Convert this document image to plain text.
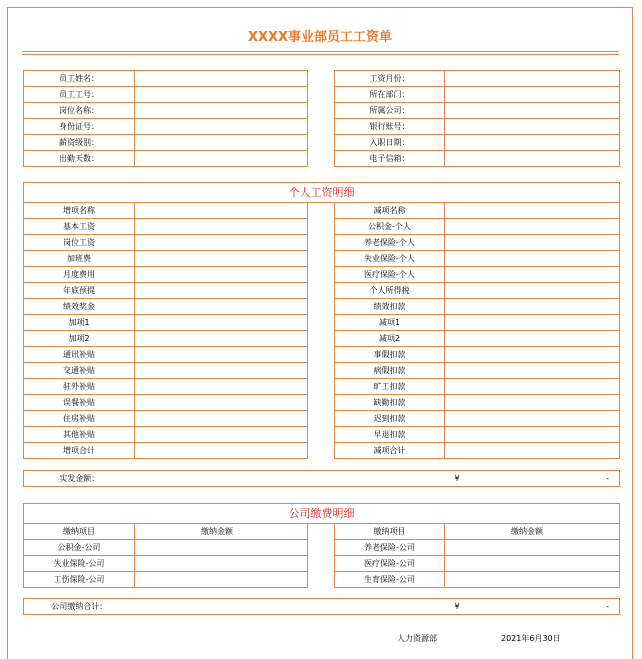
XXXX事业部员工工资单
员工姓名：			工资月份：	
员工工号：			所在部门：	
岗位名称：			所属公司：	
身份证号：			银行账号：	
薪资级别：			入职日期：	
出勤天数：			电子信箱：	
个人工资明细				
增项名称			减项名称	
基本工资			公积金-个人	
岗位工资			养老保险-个人	
加班费			失业保险-个人	
月度费用			医疗保险-个人	
年底预提			个人所得税	
绩效奖金			绩效扣款	
加项1			减项1	
加项2			减项2	
通讯补贴			事假扣款	
交通补贴			病假扣款	
驻外补贴			旷工扣款	
误餐补贴			缺勤扣款	
住房补贴			迟到扣款	
其他补贴			早退扣款	
增项合计			减项合计	
实发金额：		¥	-
公司缴费明细				
缴纳项目	缴纳金额		缴纳项目	缴纳金额
公积金-公司			养老保险-公司	
失业保险-公司			医疗保险-公司	
工伤保险-公司			生育保险-公司	
公司缴纳合计：		¥	-
人力资源部	2021年6月30日
